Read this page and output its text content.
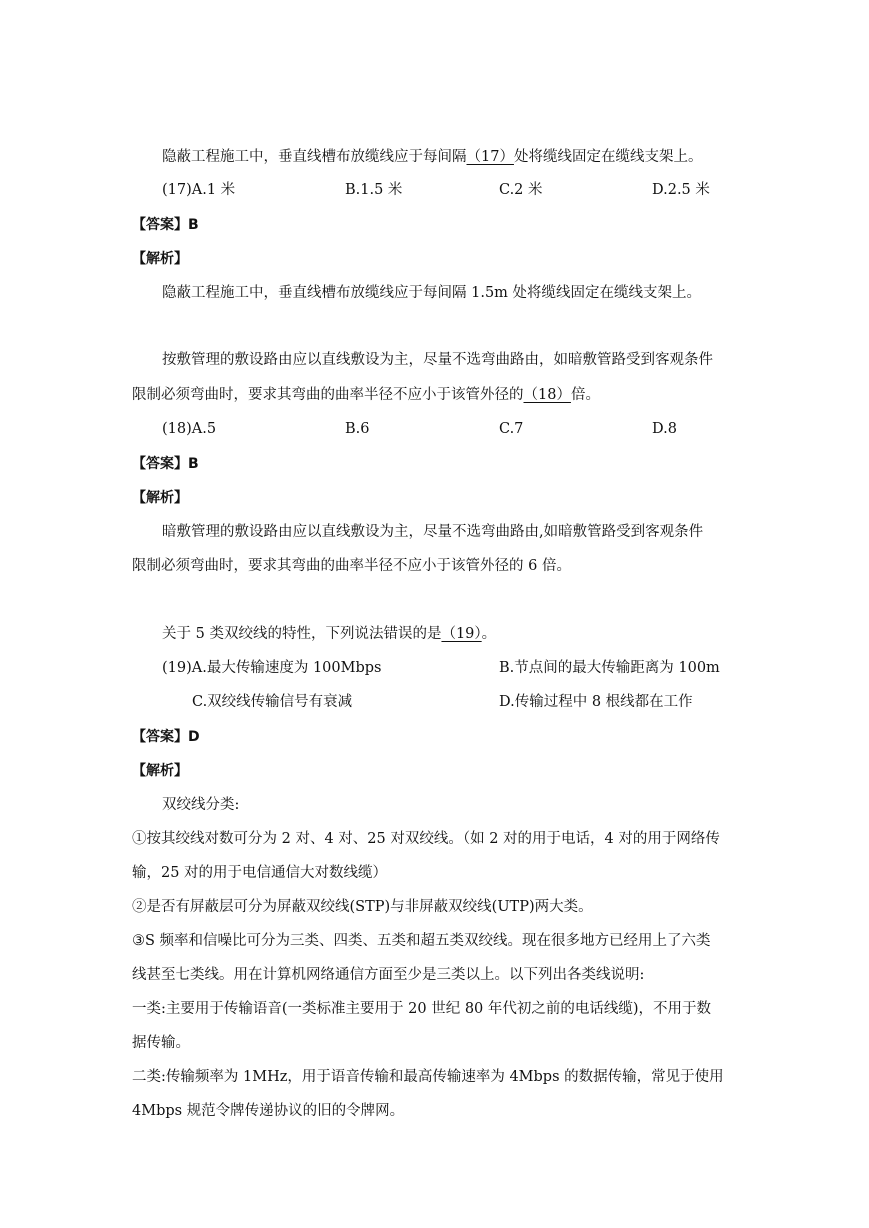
隐蔽工程施工中，垂直线槽布放缆线应于每间隔（17）处将缆线固定在缆线支架上。
(17)A.1 米	B.1.5 米	C.2 米	D.2.5 米
【答案】B
【解析】
隐蔽工程施工中，垂直线槽布放缆线应于每间隔 1.5m 处将缆线固定在缆线支架上。
按敷管理的敷设路由应以直线敷设为主，尽量不选弯曲路由，如暗敷管路受到客观条件
限制必须弯曲时，要求其弯曲的曲率半径不应小于该管外径的（18）倍。
(18)A.5	B.6	C.7	D.8
【答案】B
【解析】
暗敷管理的敷设路由应以直线敷设为主，尽量不选弯曲路由,如暗敷管路受到客观条件
限制必须弯曲时，要求其弯曲的曲率半径不应小于该管外径的 6 倍。
关于 5 类双绞线的特性，下列说法错误的是（19）。
(19)A.最大传输速度为 100Mbps	B.节点间的最大传输距离为 100m
C.双绞线传输信号有衰减	D.传输过程中 8 根线都在工作
【答案】D
【解析】
双绞线分类:
①按其绞线对数可分为 2 对、4 对、25 对双绞线。（如 2 对的用于电话，4 对的用于网络传
输，25 对的用于电信通信大对数线缆）
②是否有屏蔽层可分为屏蔽双绞线(STP)与非屏蔽双绞线(UTP)两大类。
③S 频率和信噪比可分为三类、四类、五类和超五类双绞线。现在很多地方已经用上了六类
线甚至七类线。用在计算机网络通信方面至少是三类以上。以下列出各类线说明:
一类:主要用于传输语音(一类标准主要用于 20 世纪 80 年代初之前的电话线缆)，不用于数
据传输。
二类:传输频率为 1MHz，用于语音传输和最高传输速率为 4Mbps 的数据传输，常见于使用
4Mbps 规范令牌传递协议的旧的令牌网。
